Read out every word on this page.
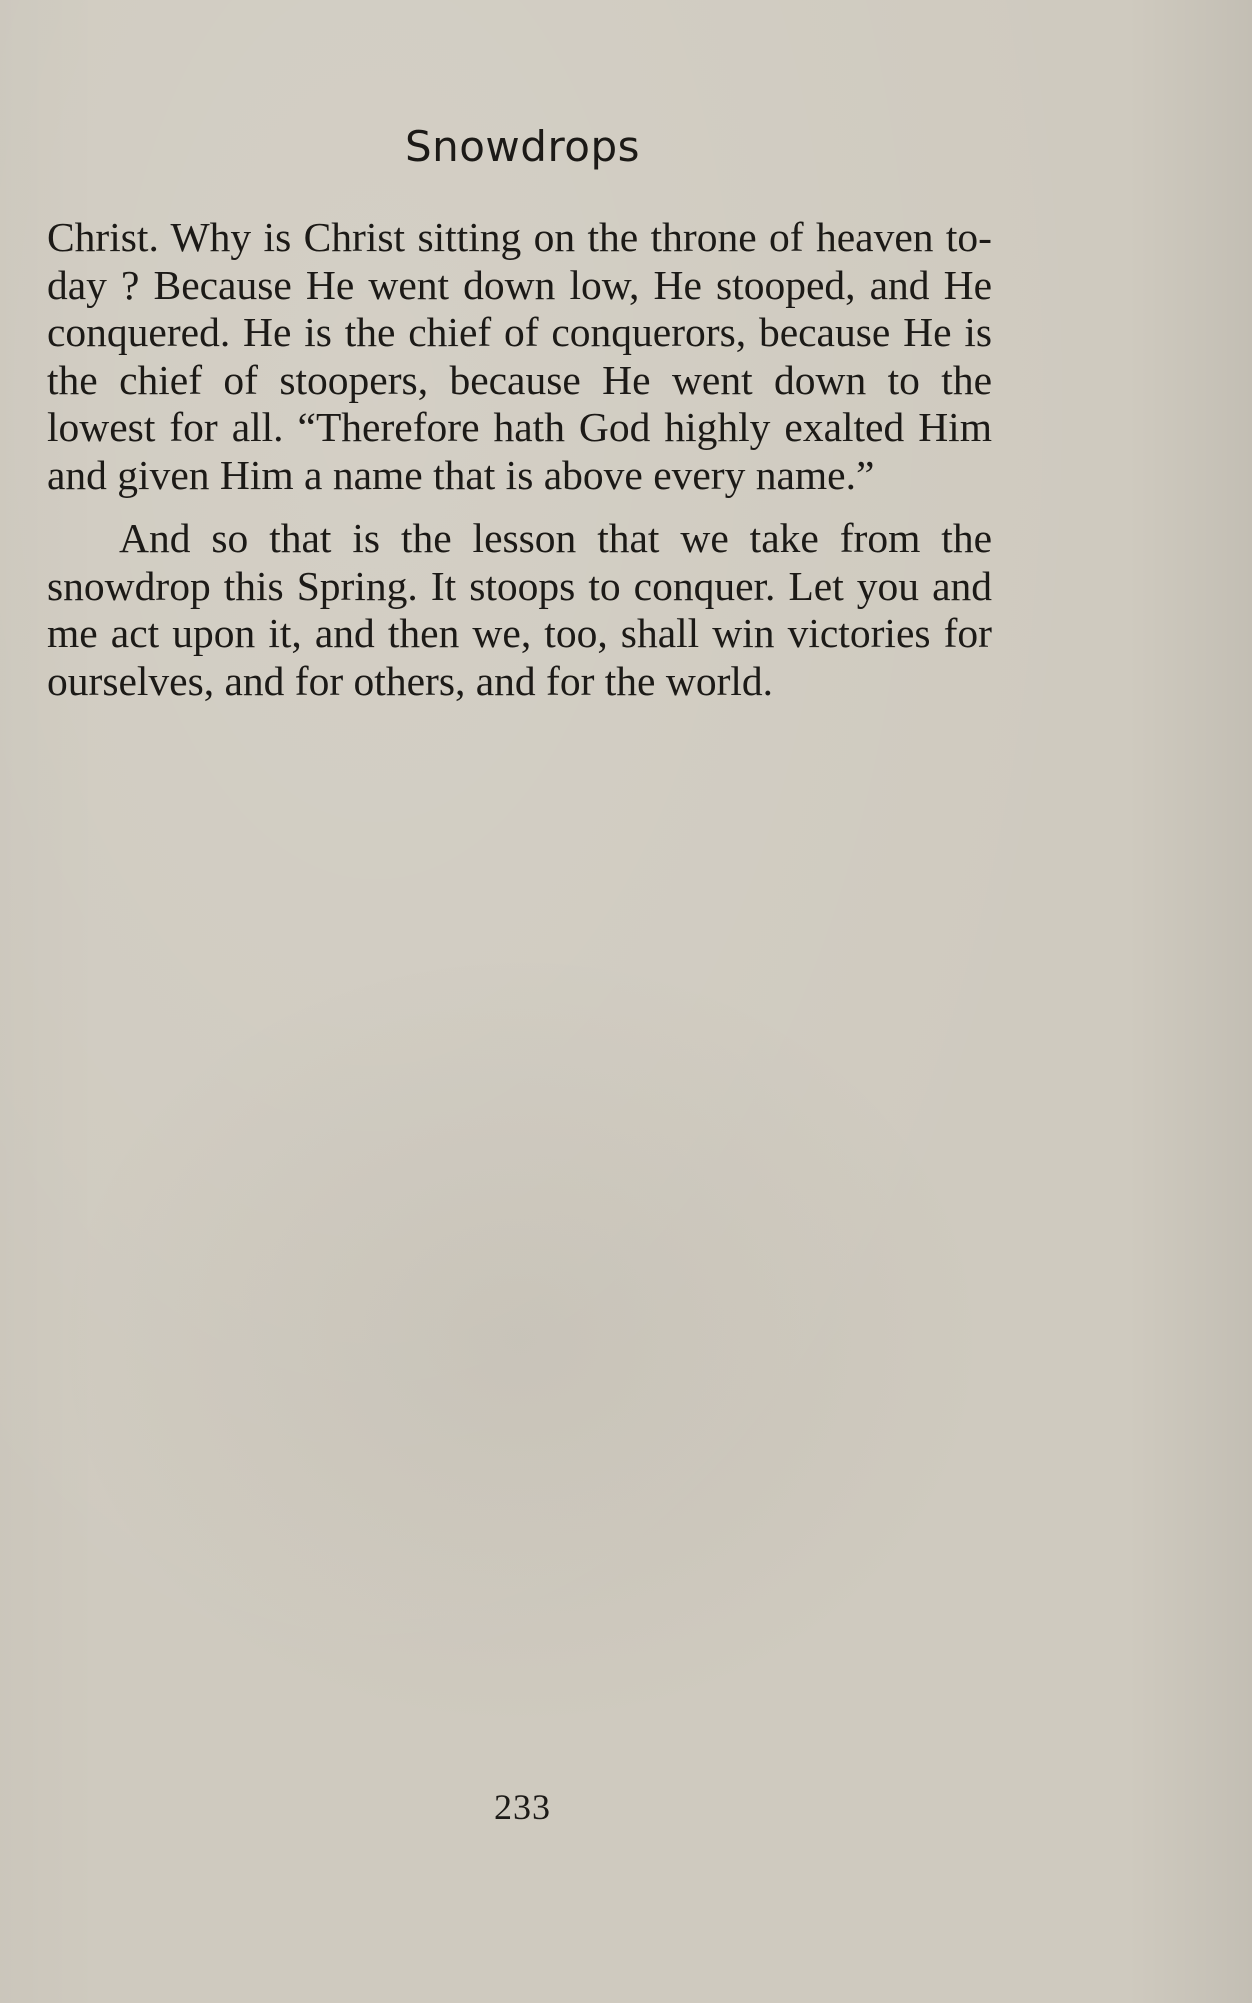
Snowdrops

Christ. Why is Christ sitting on the throne of heaven to-day ? Because He went down low, He stooped, and He conquered. He is the chief of conquerors, because He is the chief of stoopers, because He went down to the lowest for all. “Therefore hath God highly exalted Him and given Him a name that is above every name.”

And so that is the lesson that we take from the snowdrop this Spring. It stoops to conquer. Let you and me act upon it, and then we, too, shall win victories for ourselves, and for others, and for the world.

233
